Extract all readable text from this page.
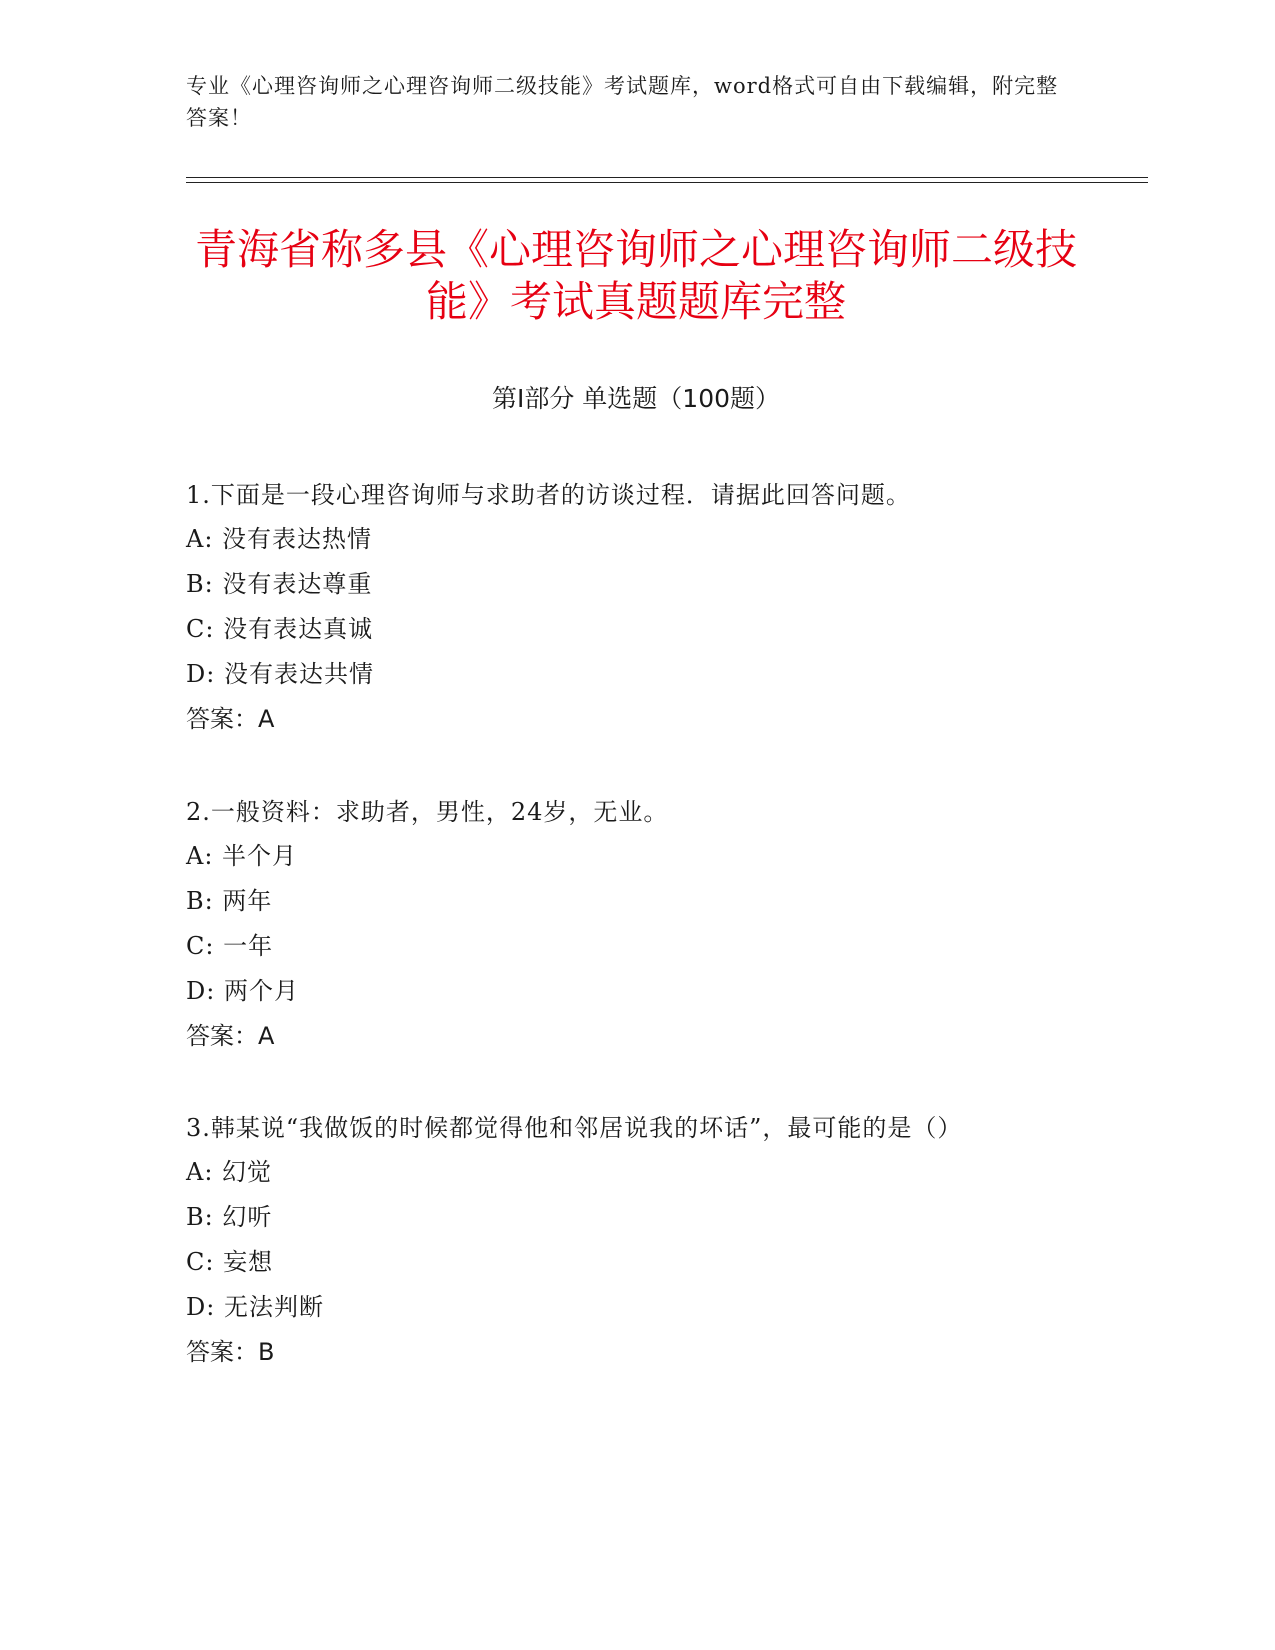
专业《心理咨询师之心理咨询师二级技能》考试题库，word格式可自由下载编辑，附完整答案！
青海省称多县《心理咨询师之心理咨询师二级技能》考试真题题库完整
第Ⅰ部分 单选题（100题）
1.下面是一段心理咨询师与求助者的访谈过程．请据此回答问题。
A: 没有表达热情
B: 没有表达尊重
C: 没有表达真诚
D: 没有表达共情
答案：A
2.一般资料：求助者，男性，24岁，无业。
A: 半个月
B: 两年
C: 一年
D: 两个月
答案：A
3.韩某说“我做饭的时候都觉得他和邻居说我的坏话”，最可能的是（）
A: 幻觉
B: 幻听
C: 妄想
D: 无法判断
答案：B
